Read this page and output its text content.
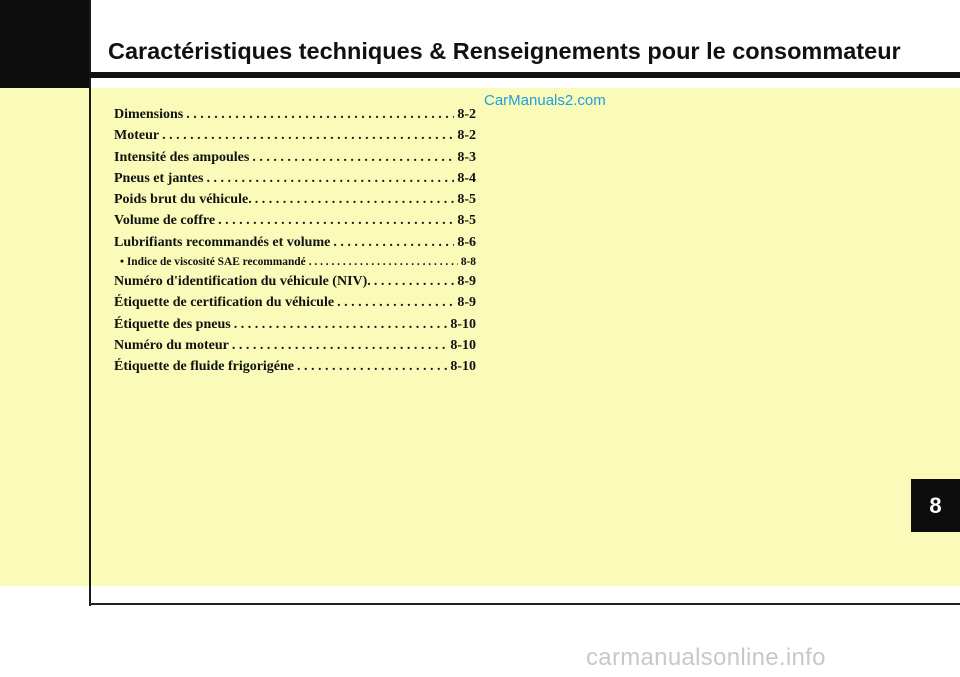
Caractéristiques techniques & Renseignements pour le consommateur
CarManuals2.com
Dimensions . . .	8-2
Moteur . . .	8-2
Intensité des ampoules . . .	8-3
Pneus et jantes . . .	8-4
Poids brut du véhicule. . . .	8-5
Volume de coffre . . .	8-5
Lubrifiants recommandés et volume . . .	8-6
• Indice de viscosité SAE recommandé . . .	8-8
Numéro d'identification du véhicule (NIV). . . .	8-9
Étiquette de certification du véhicule . . .	8-9
Étiquette des pneus . . .	8-10
Numéro du moteur . . .	8-10
Étiquette de fluide frigorigéne . . .	8-10
8
carmanualsonline.info
